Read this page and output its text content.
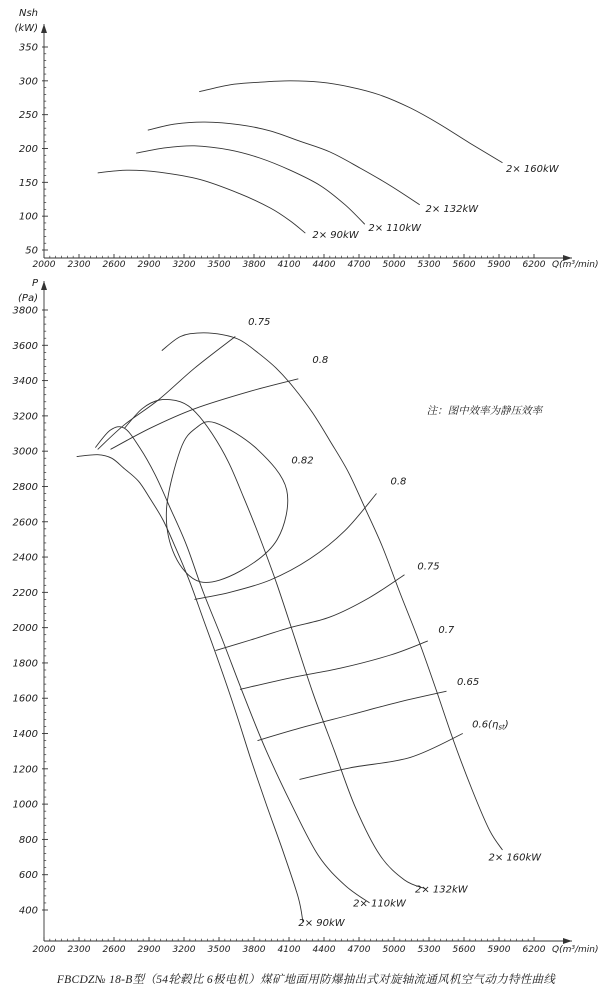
50
100
150
200
250
300
350
2000 2300 2600 2900 3200 3500 3800 4100 4400 4700 5000 5300 5600 5900 6200
Nsh
(kW)
Q(m³/min)
2× 90kW
2× 110kW
2× 132kW
2× 160kW
400
600
800
1000
1200
1400
1600
1800
2000
2200
2400
2600
2800
3000
3200
3400
3600
3800
2000 2300 2600 2900 3200 3500 3800 4100 4400 4700 5000 5300 5600 5900 6200
P
(Pa)
Q(m³/min)
2× 90kW
2× 110kW
2× 132kW
2× 160kW
0.75
0.8
0.82
0.8
0.75
0.7
0.65
$0.6(\eta_{st})$
注：图中效率为静压效率
FBCDZ№ 18-B型（54轮毂比 6极电机）煤矿地面用防爆抽出式对旋轴流通风机空气动力特性曲线
